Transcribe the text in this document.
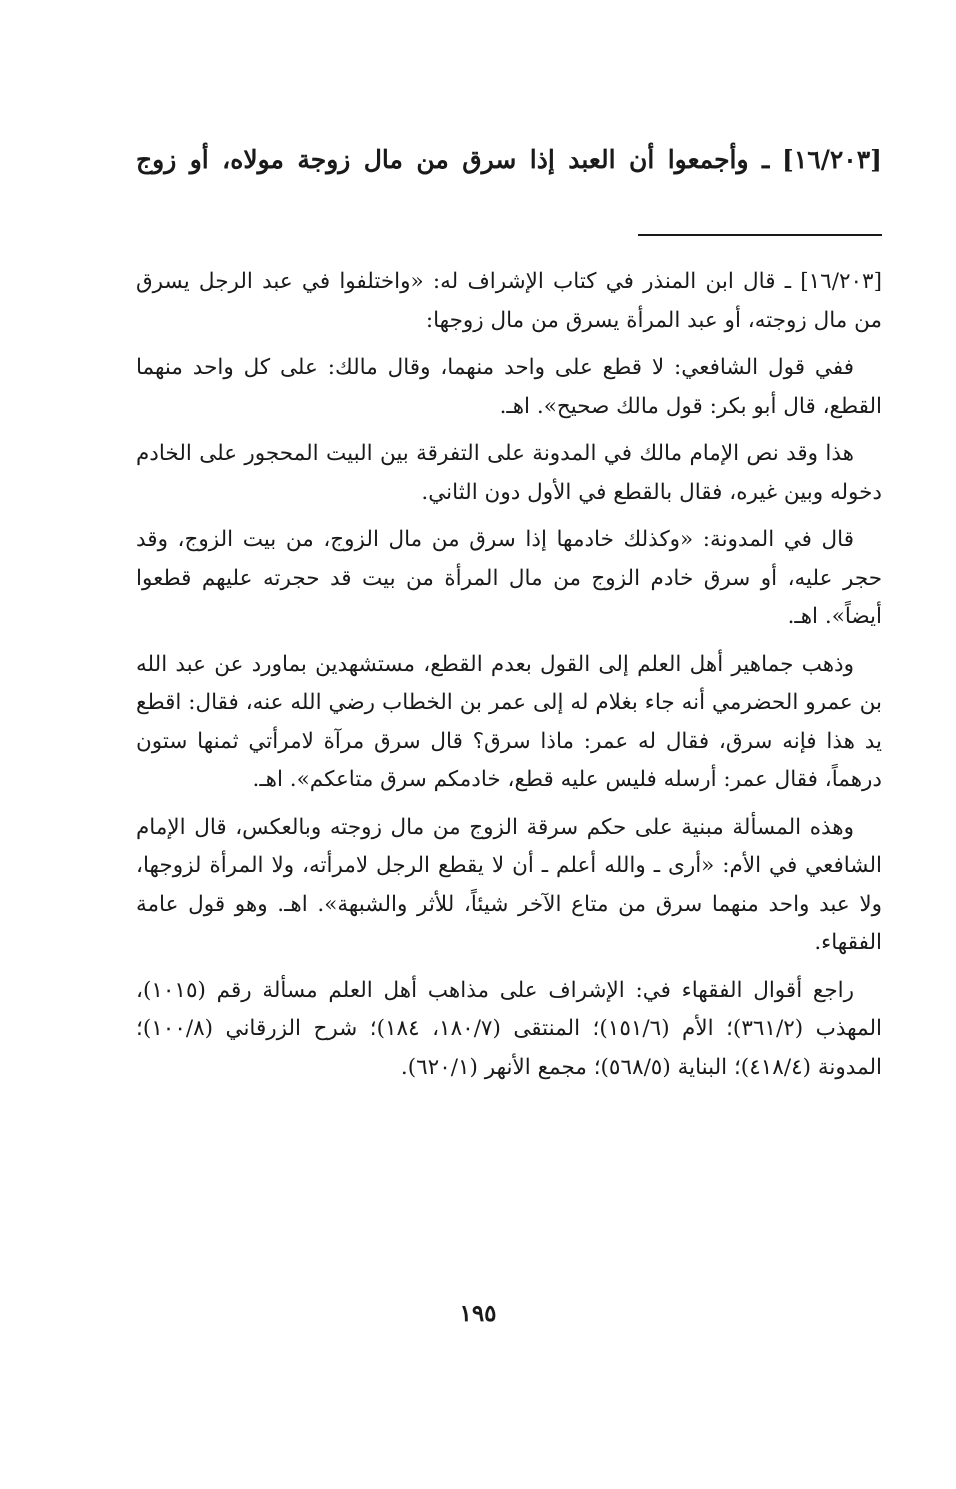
[١٦/٢٠٣] ـ وأجمعوا أن العبد إذا سرق من مال زوجة مولاه، أو زوج

[١٦/٢٠٣] ـ قال ابن المنذر في كتاب الإشراف له: «واختلفوا في عبد الرجل يسرق من مال زوجته، أو عبد المرأة يسرق من مال زوجها:

ففي قول الشافعي: لا قطع على واحد منهما، وقال مالك: على كل واحد منهما القطع، قال أبو بكر: قول مالك صحيح». اهـ.

هذا وقد نص الإمام مالك في المدونة على التفرقة بين البيت المحجور على الخادم دخوله وبين غيره، فقال بالقطع في الأول دون الثاني.

قال في المدونة: «وكذلك خادمها إذا سرق من مال الزوج، من بيت الزوج، وقد حجر عليه، أو سرق خادم الزوج من مال المرأة من بيت قد حجرته عليهم قطعوا أيضاً». اهـ.

وذهب جماهير أهل العلم إلى القول بعدم القطع، مستشهدين بماورد عن عبد الله بن عمرو الحضرمي أنه جاء بغلام له إلى عمر بن الخطاب رضي الله عنه، فقال: اقطع يد هذا فإنه سرق، فقال له عمر: ماذا سرق؟ قال سرق مرآة لامرأتي ثمنها ستون درهماً، فقال عمر: أرسله فليس عليه قطع، خادمكم سرق متاعكم». اهـ.

وهذه المسألة مبنية على حكم سرقة الزوج من مال زوجته وبالعكس، قال الإمام الشافعي في الأم: «أرى ـ والله أعلم ـ أن لا يقطع الرجل لامرأته، ولا المرأة لزوجها، ولا عبد واحد منهما سرق من متاع الآخر شيئاً، للأثر والشبهة». اهـ. وهو قول عامة الفقهاء.

راجع أقوال الفقهاء في: الإشراف على مذاهب أهل العلم مسألة رقم (١٠١٥)، المهذب (٣٦١/٢)؛ الأم (١٥١/٦)؛ المنتقى (١٨٠/٧، ١٨٤)؛ شرح الزرقاني (١٠٠/٨)؛ المدونة (٤١٨/٤)؛ البناية (٥٦٨/٥)؛ مجمع الأنهر (٦٢٠/١).

١٩٥
